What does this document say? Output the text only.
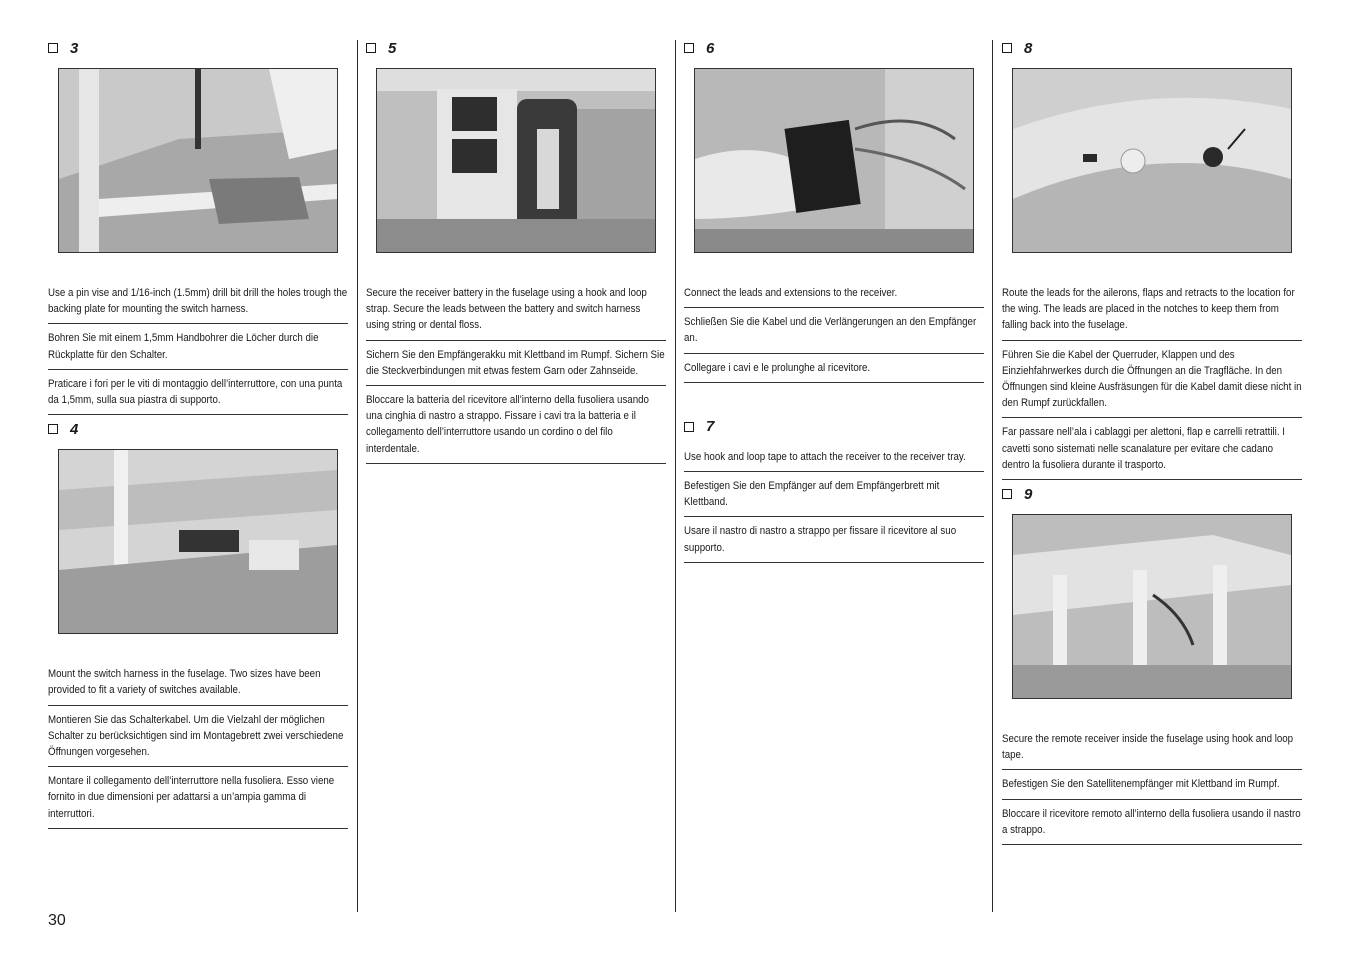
3
Use a pin vise and 1/16-inch (1.5mm) drill bit drill the holes trough the backing plate for mounting the switch harness.
Bohren Sie mit einem 1,5mm Handbohrer die Löcher durch die Rückplatte für den Schalter.
Praticare i fori per le viti di montaggio dell’interruttore, con una punta da 1,5mm, sulla sua piastra di supporto.
4
Mount the switch harness in the fuselage. Two sizes have been provided to fit a variety of switches available.
Montieren Sie das Schalterkabel. Um die Vielzahl der möglichen Schalter zu berücksichtigen sind im Montagebrett zwei verschiedene Öffnungen vorgesehen.
Montare il collegamento dell’interruttore nella fusoliera. Esso viene fornito in due dimensioni per adattarsi a un’ampia gamma di interruttori.
5
Secure the receiver battery in the fuselage using a hook and loop strap. Secure the leads between the battery and switch harness using string or dental floss.
Sichern Sie den Empfängerakku mit Klettband im Rumpf. Sichern Sie die Steckverbindungen mit etwas festem Garn oder Zahnseide.
Bloccare la batteria del ricevitore all’interno della fusoliera usando una cinghia di nastro a strappo. Fissare i cavi tra la batteria e il collegamento dell’interruttore usando un cordino o del filo interdentale.
6
Connect the leads and extensions to the receiver.
Schließen Sie die Kabel und die Verlängerungen an den Empfänger an.
Collegare i cavi e le prolunghe al ricevitore.
7
Use hook and loop tape to attach the receiver to the receiver tray.
Befestigen Sie den Empfänger auf dem Empfängerbrett mit Klettband.
Usare il nastro di nastro a strappo per fissare il ricevitore al suo supporto.
8
Route the leads for the ailerons, flaps and retracts to the location for the wing. The leads are placed in the notches to keep them from falling back into the fuselage.
Führen Sie die Kabel der Querruder, Klappen und des Einziehfahrwerkes durch die Öffnungen an die Tragfläche. In den Öffnungen sind kleine Ausfräsungen für die Kabel damit diese nicht in den Rumpf zurückfallen.
Far passare nell’ala i cablaggi per alettoni, flap e carrelli retrattili. I cavetti sono sistemati nelle scanalature per evitare che cadano dentro la fusoliera durante il trasporto.
9
Secure the remote receiver inside the fuselage using hook and loop tape.
Befestigen Sie den Satellitenempfänger mit Klettband im Rumpf.
Bloccare il ricevitore remoto all’interno della fusoliera usando il nastro a strappo.
30
